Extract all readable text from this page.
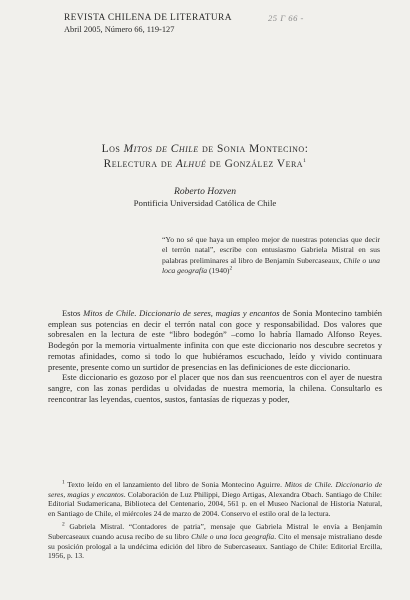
REVISTA CHILENA DE LITERATURA
Abril 2005, Número 66, 119-127
25 Г 66 -
Los Mitos de Chile de Sonia Montecino:
Relectura de Alhué de González Vera$^1$
Roberto Hozven
Pontificia Universidad Católica de Chile
“Yo no sé que haya un empleo mejor de nuestras potencias que decir el terrón natal”, escribe con entusiasmo Gabriela Mistral en sus palabras preliminares al libro de Benjamín Subercaseaux, Chile o una loca geografía $(1940)^2$

Estos Mitos de Chile. Diccionario de seres, magias y encantos de Sonia Montecino también emplean sus potencias en decir el terrón natal con goce y responsabilidad. Dos valores que sobresalen en la lectura de este “libro bodegón” –como lo habría llamado Alfonso Reyes. Bodegón por la memoria virtualmente infinita con que este diccionario nos descubre secretos y remotas afinidades, como si todo lo que hubiéramos escuchado, leído y vivido continuara presente, presente como un surtidor de presencias en las definiciones de este diccionario.

Este diccionario es gozoso por el placer que nos dan sus reencuentros con el ayer de nuestra sangre, con las zonas perdidas u olvidadas de nuestra memoria, la chilena. Consultarlo es reencontrar las leyendas, cuentos, sustos, fantasías de riquezas y poder,

$^1$ Texto leído en el lanzamiento del libro de Sonia Montecino Aguirre. Mitos de Chile. Diccionario de seres, magias y encantos. Colaboración de Luz Philippi, Diego Artigas, Alexandra Obach. Santiago de Chile: Editorial Sudamericana, Biblioteca del Centenario, 2004, 561 p. en el Museo Nacional de Historia Natural, en Santiago de Chile, el miércoles 24 de marzo de 2004. Conservo el estilo oral de la lectura.

$^2$ Gabriela Mistral. “Contadores de patria”, mensaje que Gabriela Mistral le envía a Benjamín Subercaseaux cuando acusa recibo de su libro Chile o una loca geografía. Cito el mensaje mistraliano desde su posición prologal a la undécima edición del libro de Subercaseaux. Santiago de Chile: Editorial Ercilla, 1956, p. 13.
